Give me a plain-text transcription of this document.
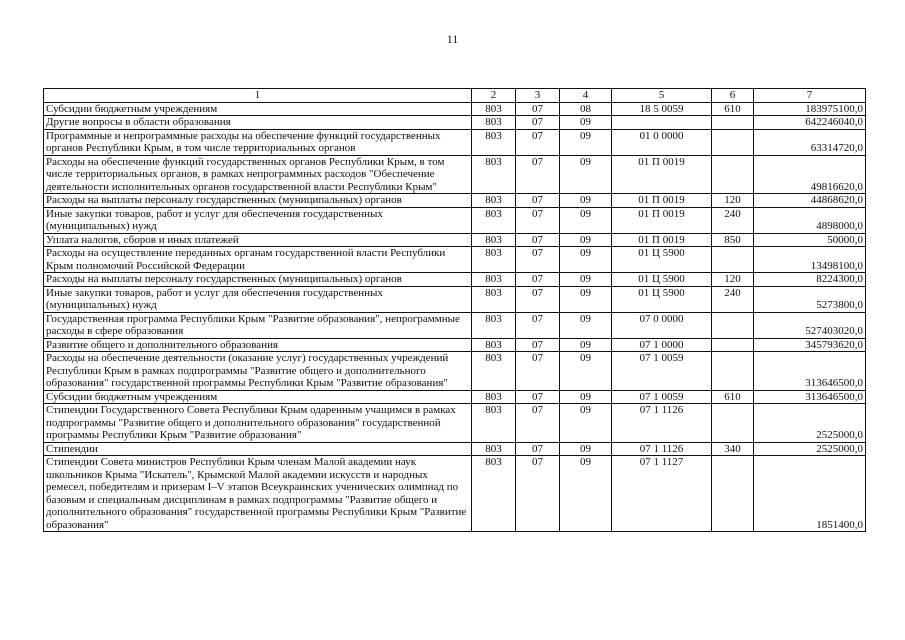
11
1	2	3	4	5	6	7
Субсидии бюджетным учреждениям	803	07	08	18 5 0059	610	183975100,0
Другие вопросы в области образования	803	07	09			642246040,0
Программные и непрограммные расходы на обеспечение функций государственных органов Республики Крым, в том числе территориальных органов	803	07	09	01 0 0000		63314720,0
Расходы на обеспечение функций государственных органов Республики Крым, в том числе территориальных органов, в рамках непрограммных расходов "Обеспечение деятельности исполнительных органов государственной власти Республики Крым"	803	07	09	01 П 0019		49816620,0
Расходы на выплаты персоналу государственных (муниципальных) органов	803	07	09	01 П 0019	120	44868620,0
Иные закупки товаров, работ и услуг для обеспечения государственных (муниципальных) нужд	803	07	09	01 П 0019	240	4898000,0
Уплата налогов, сборов и иных платежей	803	07	09	01 П 0019	850	50000,0
Расходы на осуществление переданных органам государственной власти Республики Крым полномочий Российской Федерации	803	07	09	01 Ц 5900		13498100,0
Расходы на выплаты персоналу государственных (муниципальных) органов	803	07	09	01 Ц 5900	120	8224300,0
Иные закупки товаров, работ и услуг для обеспечения государственных (муниципальных) нужд	803	07	09	01 Ц 5900	240	5273800,0
Государственная программа Республики Крым "Развитие образования", непрограммные расходы в сфере образования	803	07	09	07 0 0000		527403020,0
Развитие общего и дополнительного образования	803	07	09	07 1 0000		345793620,0
Расходы на обеспечение деятельности (оказание услуг) государственных учреждений Республики Крым в рамках подпрограммы "Развитие общего и дополнительного образования" государственной программы Республики Крым "Развитие образования"	803	07	09	07 1 0059		313646500,0
Субсидии бюджетным учреждениям	803	07	09	07 1 0059	610	313646500,0
Стипендии Государственного Совета Республики Крым одаренным учащимся в рамках подпрограммы "Развитие общего и дополнительного образования" государственной программы Республики Крым "Развитие образования"	803	07	09	07 1 1126		2525000,0
Стипендии	803	07	09	07 1 1126	340	2525000,0
Стипендии Совета министров Республики Крым членам Малой академии наук школьников Крыма "Искатель", Крымской Малой академии искусств и народных ремесел, победителям и призерам I–V этапов Всеукраинских ученических олимпиад по базовым и специальным дисциплинам в рамках подпрограммы "Развитие общего и дополнительного образования" государственной программы Республики Крым "Развитие образования"	803	07	09	07 1 1127		1851400,0
